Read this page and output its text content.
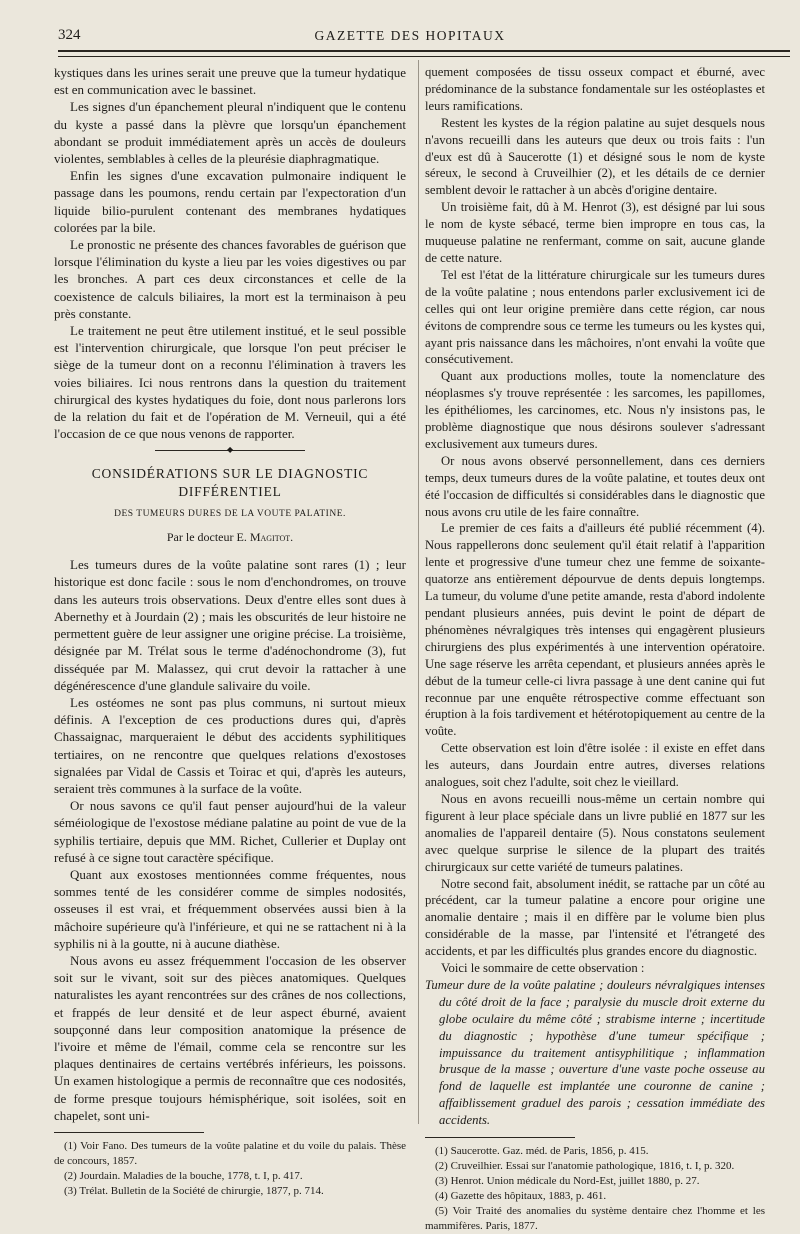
324	GAZETTE DES HOPITAUX

kystiques dans les urines serait une preuve que la tumeur hydatique est en communication avec le bassinet.

Les signes d'un épanchement pleural n'indiquent que le contenu du kyste a passé dans la plèvre que lorsqu'un épanchement abondant se produit immédiatement après un accès de douleurs violentes, semblables à celles de la pleurésie diaphragmatique.

Enfin les signes d'une excavation pulmonaire indiquent le passage dans les poumons, rendu certain par l'expectoration d'un liquide bilio-purulent contenant des membranes hydatiques colorées par la bile.

Le pronostic ne présente des chances favorables de guérison que lorsque l'élimination du kyste a lieu par les voies digestives ou par les bronches. A part ces deux circonstances et celle de la coexistence de calculs biliaires, la mort est la terminaison à peu près constante.

Le traitement ne peut être utilement institué, et le seul possible est l'intervention chirurgicale, que lorsque l'on peut préciser le siège de la tumeur dont on a reconnu l'élimination à travers les voies biliaires. Ici nous rentrons dans la question du traitement chirurgical des kystes hydatiques du foie, dont nous parlerons lors de la relation du fait et de l'opération de M. Verneuil, qui a été l'occasion de ce que nous venons de rapporter.

◆
CONSIDÉRATIONS SUR LE DIAGNOSTIC DIFFÉRENTIEL
DES TUMEURS DURES DE LA VOUTE PALATINE.
Par le docteur E. Magitot.

Les tumeurs dures de la voûte palatine sont rares (1) ; leur historique est donc facile : sous le nom d'enchondromes, on trouve dans les auteurs trois observations. Deux d'entre elles sont dues à Abernethy et à Jourdain (2) ; mais les obscurités de leur histoire ne permettent guère de leur assigner une origine précise. La troisième, désignée par M. Trélat sous le terme d'adénochondrome (3), fut disséquée par M. Malassez, qui crut devoir la rattacher à une dégénérescence d'une glandule salivaire du voile.

Les ostéomes ne sont pas plus communs, ni surtout mieux définis. A l'exception de ces productions dures qui, d'après Chassaignac, marqueraient le début des accidents syphilitiques tertiaires, on ne rencontre que quelques relations d'exostoses signalées par Vidal de Cassis et Toirac et qui, d'après les auteurs, seraient très communes à la surface de la voûte.

Or nous savons ce qu'il faut penser aujourd'hui de la valeur séméiologique de l'exostose médiane palatine au point de vue de la syphilis tertiaire, depuis que MM. Richet, Cullerier et Duplay ont refusé à ce signe tout caractère spécifique.

Quant aux exostoses mentionnées comme fréquentes, nous sommes tenté de les considérer comme de simples nodosités, osseuses il est vrai, et fréquemment observées aussi bien à la mâchoire supérieure qu'à l'inférieure, et qui ne se rattachent ni à la syphilis ni à la goutte, ni à aucune diathèse.

Nous avons eu assez fréquemment l'occasion de les observer soit sur le vivant, soit sur des pièces anatomiques. Quelques naturalistes les ayant rencontrées sur des crânes de nos collections, et frappés de leur densité et de leur aspect éburné, avaient soupçonné dans leur composition anatomique la présence de l'ivoire et même de l'émail, comme cela se rencontre sur les plaques dentinaires de certains vertébrés inférieurs, les poissons. Un examen histologique a permis de reconnaître que ces nodosités, de forme presque toujours hémisphérique, soit isolées, soit en chapelet, sont uni-

(1) Voir Fano. Des tumeurs de la voûte palatine et du voile du palais. Thèse de concours, 1857.
(2) Jourdain. Maladies de la bouche, 1778, t. I, p. 417.
(3) Trélat. Bulletin de la Société de chirurgie, 1877, p. 714.

quement composées de tissu osseux compact et éburné, avec prédominance de la substance fondamentale sur les ostéoplastes et leurs ramifications.

Restent les kystes de la région palatine au sujet desquels nous n'avons recueilli dans les auteurs que deux ou trois faits : l'un d'eux est dû à Saucerotte (1) et désigné sous le nom de kyste séreux, le second à Cruveilhier (2), et les détails de ce dernier semblent devoir le rattacher à un abcès d'origine dentaire.

Un troisième fait, dû à M. Henrot (3), est désigné par lui sous le nom de kyste sébacé, terme bien impropre en tous cas, la muqueuse palatine ne renfermant, comme on sait, aucune glande de cette nature.

Tel est l'état de la littérature chirurgicale sur les tumeurs dures de la voûte palatine ; nous entendons parler exclusivement ici de celles qui ont leur origine première dans cette région, car nous évitons de comprendre sous ce terme les tumeurs ou les kystes qui, ayant pris naissance dans les mâchoires, n'ont envahi la voûte que consécutivement.

Quant aux productions molles, toute la nomenclature des néoplasmes s'y trouve représentée : les sarcomes, les papillomes, les épithéliomes, les carcinomes, etc. Nous n'y insistons pas, le problème diagnostique que nous désirons soulever s'adressant exclusivement aux tumeurs dures.

Or nous avons observé personnellement, dans ces derniers temps, deux tumeurs dures de la voûte palatine, et toutes deux ont été l'occasion de difficultés si considérables dans le diagnostic que nous avons cru utile de les faire connaître.

Le premier de ces faits a d'ailleurs été publié récemment (4). Nous rappellerons donc seulement qu'il était relatif à l'apparition lente et progressive d'une tumeur chez une femme de soixante-quatorze ans entièrement dépourvue de dents depuis longtemps. La tumeur, du volume d'une petite amande, resta d'abord indolente pendant plusieurs années, puis devint le point de départ de phénomènes névralgiques très intenses qui engagèrent plusieurs chirurgiens des plus expérimentés à une intervention opératoire. Une sage réserve les arrêta cependant, et plusieurs années après le début de la tumeur celle-ci livra passage à une dent canine qui fut reconnue par une enquête rétrospective comme effectuant son éruption à la fois tardivement et hétérotopiquement au centre de la voûte.

Cette observation est loin d'être isolée : il existe en effet dans les auteurs, dans Jourdain entre autres, diverses relations analogues, soit chez l'adulte, soit chez le vieillard.

Nous en avons recueilli nous-même un certain nombre qui figurent à leur place spéciale dans un livre publié en 1877 sur les anomalies de l'appareil dentaire (5). Nous constatons seulement avec quelque surprise le silence de la plupart des traités chirurgicaux sur cette variété de tumeurs palatines.

Notre second fait, absolument inédit, se rattache par un côté au précédent, car la tumeur palatine a encore pour origine une anomalie dentaire ; mais il en diffère par le volume bien plus considérable de la masse, par l'intensité et l'étrangeté des accidents, et par les difficultés plus grandes encore du diagnostic.

Voici le sommaire de cette observation :

Tumeur dure de la voûte palatine ; douleurs névralgiques intenses du côté droit de la face ; paralysie du muscle droit externe du globe oculaire du même côté ; strabisme interne ; incertitude du diagnostic ; hypothèse d'une tumeur spécifique ; impuissance du traitement antisyphilitique ; inflammation brusque de la masse ; ouverture d'une vaste poche osseuse au fond de laquelle est implantée une couronne de canine ; affaiblissement graduel des parois ; cessation immédiate des accidents.

(1) Saucerotte. Gaz. méd. de Paris, 1856, p. 415.
(2) Cruveilhier. Essai sur l'anatomie pathologique, 1816, t. I, p. 320.
(3) Henrot. Union médicale du Nord-Est, juillet 1880, p. 27.
(4) Gazette des hôpitaux, 1883, p. 461.
(5) Voir Traité des anomalies du système dentaire chez l'homme et les mammifères. Paris, 1877.
